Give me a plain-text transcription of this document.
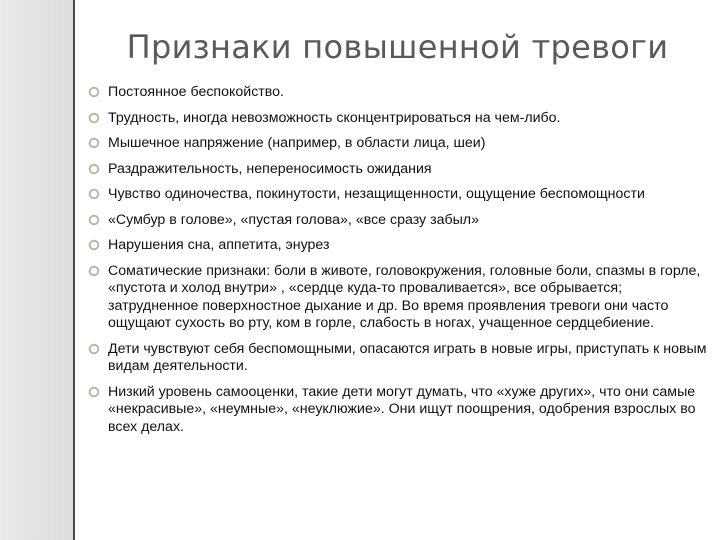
Признаки повышенной тревоги
Постоянное беспокойство.
Трудность, иногда невозможность сконцентрироваться на чем-либо.
Мышечное напряжение (например, в области лица, шеи)
Раздражительность, непереносимость ожидания
Чувство одиночества, покинутости, незащищенности, ощущение беспомощности
«Сумбур в голове», «пустая голова», «все сразу забыл»
Нарушения сна, аппетита, энурез
Соматические признаки: боли в животе, головокружения, головные боли, спазмы в горле, «пустота и холод внутри» , «сердце куда-то проваливается», все обрывается; затрудненное поверхностное дыхание и др. Во время проявления тревоги они часто ощущают сухость во рту, ком в горле, слабость в ногах, учащенное сердцебиение.
Дети чувствуют себя беспомощными, опасаются играть в новые игры, приступать к новым видам деятельности.
Низкий уровень самооценки, такие дети могут думать, что «хуже других», что они самые «некрасивые», «неумные», «неуклюжие». Они ищут поощрения, одобрения взрослых во всех делах.
